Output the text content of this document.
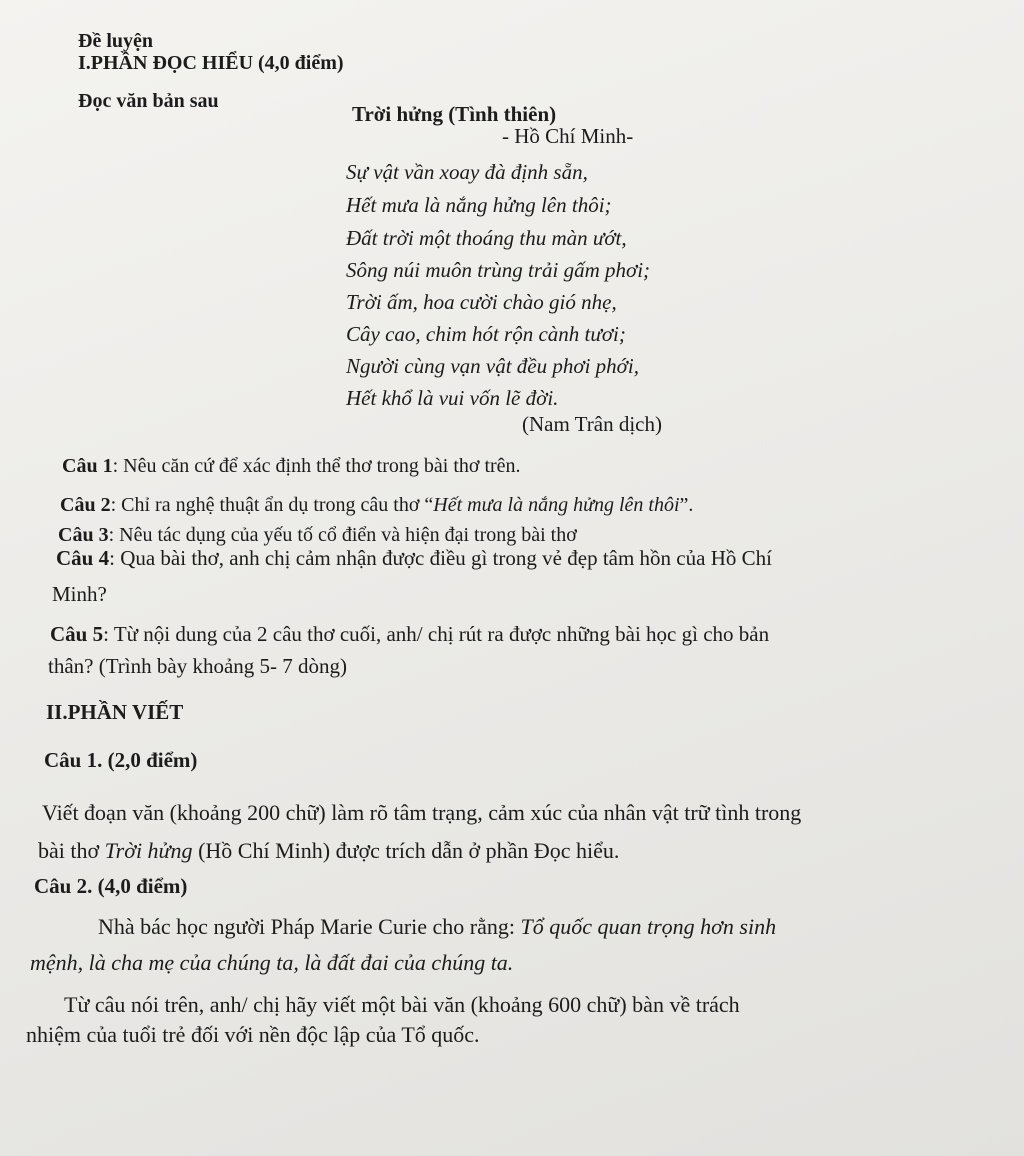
Đề luyện
I.PHẦN ĐỌC HIỂU (4,0 điểm)
Đọc văn bản sau
Trời hửng (Tình thiên)
- Hồ Chí Minh-
Sự vật vần xoay đà định sẵn,
Hết mưa là nắng hửng lên thôi;
Đất trời một thoáng thu màn ướt,
Sông núi muôn trùng trải gấm phơi;
Trời ấm, hoa cười chào gió nhẹ,
Cây cao, chim hót rộn cành tươi;
Người cùng vạn vật đều phơi phới,
Hết khổ là vui vốn lẽ đời.
(Nam Trân dịch)
Câu 1: Nêu căn cứ để xác định thể thơ trong bài thơ trên.
Câu 2: Chỉ ra nghệ thuật ẩn dụ trong câu thơ “Hết mưa là nắng hửng lên thôi”.
Câu 3: Nêu tác dụng của yếu tố cổ điển và hiện đại trong bài thơ
Câu 4: Qua bài thơ, anh chị cảm nhận được điều gì trong vẻ đẹp tâm hồn của Hồ Chí
Minh?
Câu 5: Từ nội dung của 2 câu thơ cuối, anh/ chị rút ra được những bài học gì cho bản
thân? (Trình bày khoảng 5- 7 dòng)
II.PHẦN VIẾT
Câu 1. (2,0 điểm)
Viết đoạn văn (khoảng 200 chữ) làm rõ tâm trạng, cảm xúc của nhân vật trữ tình trong
bài thơ Trời hửng (Hồ Chí Minh) được trích dẫn ở phần Đọc hiểu.
Câu 2. (4,0 điểm)
Nhà bác học người Pháp Marie Curie cho rằng: Tổ quốc quan trọng hơn sinh
mệnh, là cha mẹ của chúng ta, là đất đai của chúng ta.
Từ câu nói trên, anh/ chị hãy viết một bài văn (khoảng 600 chữ) bàn về trách
nhiệm của tuổi trẻ đối với nền độc lập của Tổ quốc.
